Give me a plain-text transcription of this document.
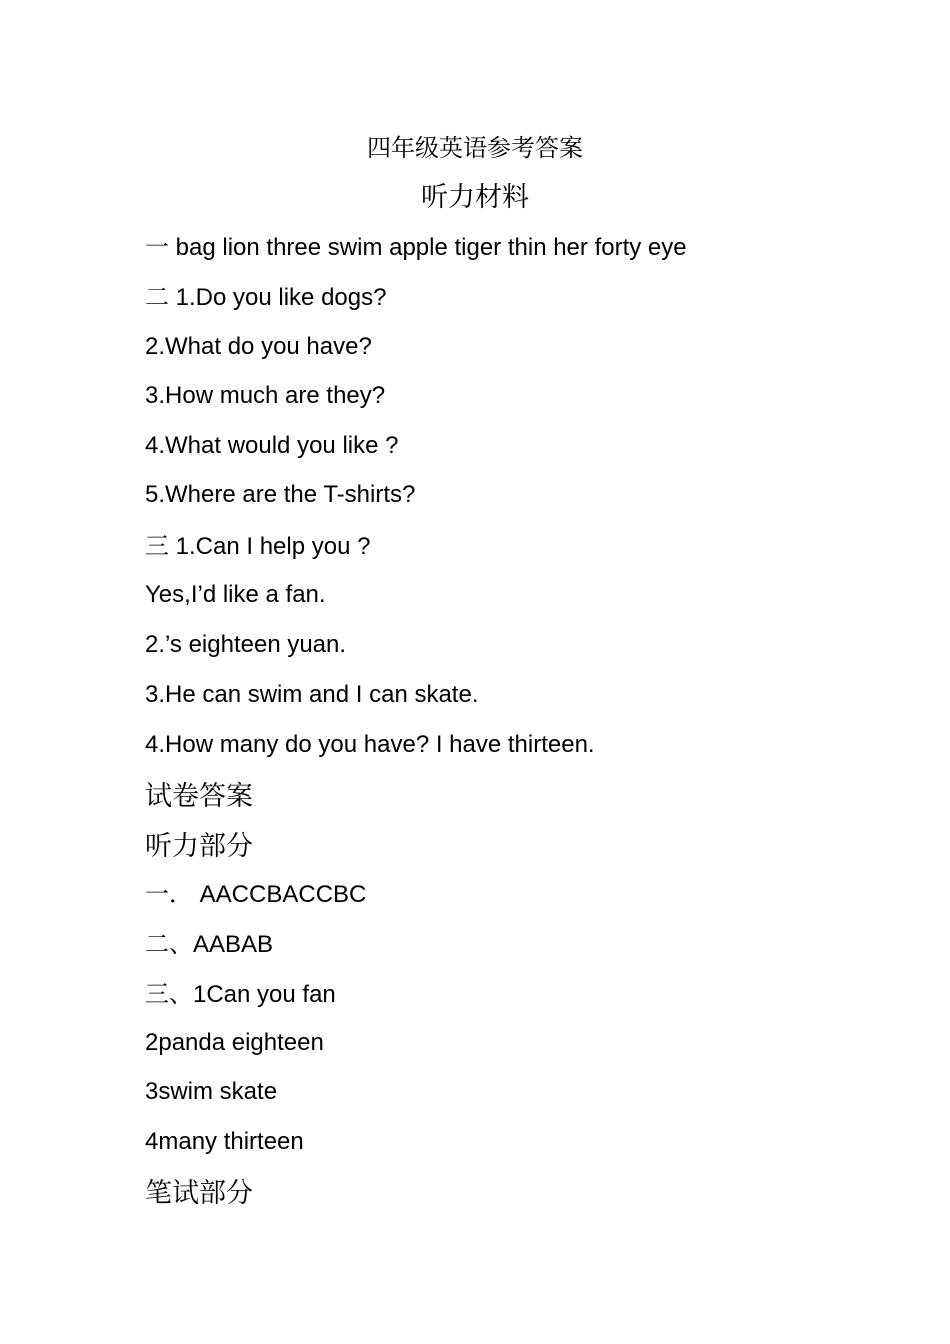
四年级英语参考答案
听力材料
一 bag lion three swim apple tiger thin her forty eye
二 1.Do you like dogs?
2.What do you have?
3.How much are they?
4.What would you like ?
5.Where are the T-shirts?
三 1.Can I help you ?
Yes,I’d like a fan.
2.’s eighteen yuan.
3.He can swim and I can skate.
4.How many do you have? I have thirteen.
试卷答案
听力部分
一． AACCBACCBC
二、AABAB
三、1Can you fan
2panda eighteen
3swim skate
4many thirteen
笔试部分
